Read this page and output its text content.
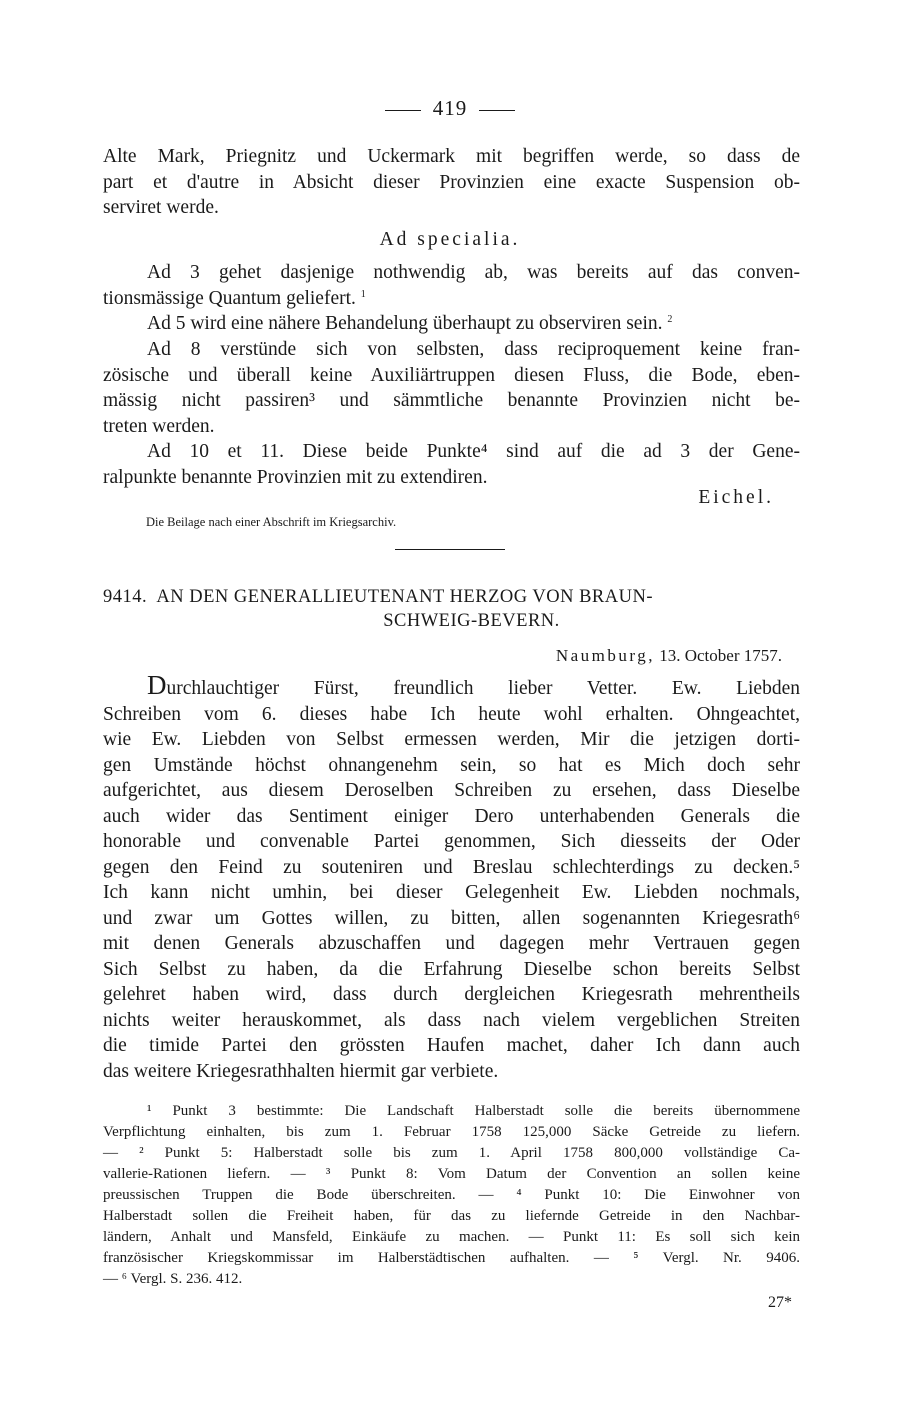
419
Alte Mark, Priegnitz und Uckermark mit begriffen werde, so dass de
part et d'autre in Absicht dieser Provinzien eine exacte Suspension ob-
serviret werde.
Ad specialia.
Ad 3 gehet dasjenige nothwendig ab, was bereits auf das conven-
tionsmässige Quantum geliefert. $^1$
Ad 5 wird eine nähere Behandelung überhaupt zu observiren sein. $^2$
Ad 8 verstünde sich von selbsten, dass reciproquement keine fran-
zösische und überall keine Auxiliärtruppen diesen Fluss, die Bode, eben-
mässig nicht passiren³ und sämmtliche benannte Provinzien nicht be-
treten werden.
Ad 10 et 11. Diese beide Punkte⁴ sind auf die ad 3 der Gene-
ralpunkte benannte Provinzien mit zu extendiren.
Eichel.
Die Beilage nach einer Abschrift im Kriegsarchiv.
9414. AN DEN GENERALLIEUTENANT HERZOG VON BRAUN-
SCHWEIG-BEVERN.
Naumburg, 13. October 1757.
Durchlauchtiger Fürst, freundlich lieber Vetter. Ew. Liebden
Schreiben vom 6. dieses habe Ich heute wohl erhalten. Ohngeachtet,
wie Ew. Liebden von Selbst ermessen werden, Mir die jetzigen dorti-
gen Umstände höchst ohnangenehm sein, so hat es Mich doch sehr
aufgerichtet, aus diesem Deroselben Schreiben zu ersehen, dass Dieselbe
auch wider das Sentiment einiger Dero unterhabenden Generals die
honorable und convenable Partei genommen, Sich diesseits der Oder
gegen den Feind zu souteniren und Breslau schlechterdings zu decken.⁵
Ich kann nicht umhin, bei dieser Gelegenheit Ew. Liebden nochmals,
und zwar um Gottes willen, zu bitten, allen sogenannten Kriegesrath⁶
mit denen Generals abzuschaffen und dagegen mehr Vertrauen gegen
Sich Selbst zu haben, da die Erfahrung Dieselbe schon bereits Selbst
gelehret haben wird, dass durch dergleichen Kriegesrath mehrentheils
nichts weiter herauskommet, als dass nach vielem vergeblichen Streiten
die timide Partei den grössten Haufen machet, daher Ich dann auch
das weitere Kriegesrathhalten hiermit gar verbiete.
¹ Punkt 3 bestimmte: Die Landschaft Halberstadt solle die bereits übernommene
Verpflichtung einhalten, bis zum 1. Februar 1758 125,000 Säcke Getreide zu liefern.
— ² Punkt 5: Halberstadt solle bis zum 1. April 1758 800,000 vollständige Ca-
vallerie-Rationen liefern. — ³ Punkt 8: Vom Datum der Convention an sollen keine
preussischen Truppen die Bode überschreiten. — ⁴ Punkt 10: Die Einwohner von
Halberstadt sollen die Freiheit haben, für das zu liefernde Getreide in den Nachbar-
ländern, Anhalt und Mansfeld, Einkäufe zu machen. — Punkt 11: Es soll sich kein
französischer Kriegskommissar im Halberstädtischen aufhalten. — ⁵ Vergl. Nr. 9406.
— ⁶ Vergl. S. 236. 412.
27*
